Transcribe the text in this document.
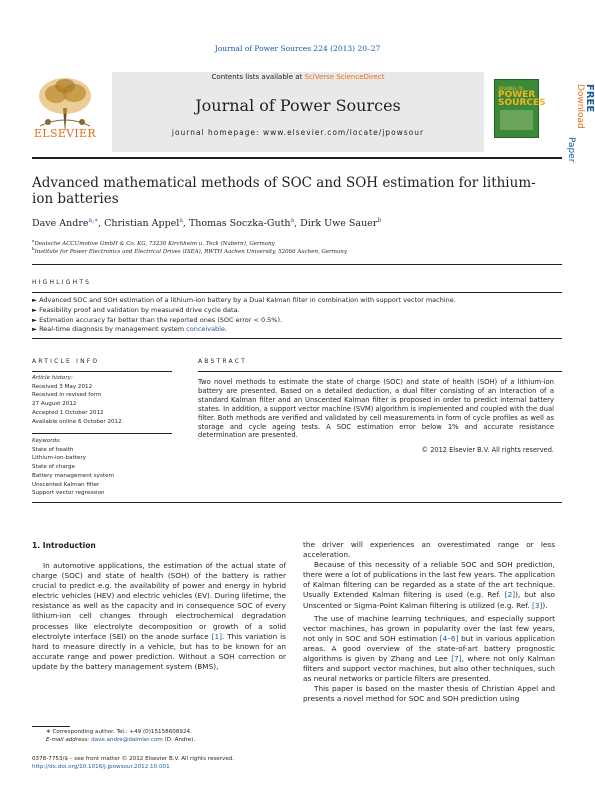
Journal of Power Sources 224 (2013) 20–27
Contents lists available at SciVerse ScienceDirect
Journal of Power Sources
journal homepage: www.elsevier.com/locate/jpowsour
ELSEVIER
JOURNAL OF
POWER
SOURCES	FREE
Download
Paper
Advanced mathematical methods of SOC and SOH estimation for lithium-ion batteries
Dave Andre$^{a,∗}$, Christian Appel$^a$, Thomas Soczka-Guth$^a$, Dirk Uwe Sauer$^b$
$^a$Deutsche ACCUmotive GmbH & Co. KG, 73230 Kirchheim u. Teck (Nabern), Germany
$^b$Institute for Power Electronics and Electrical Drives (ISEA), RWTH Aachen University, 52066 Aachen, Germany
HIGHLIGHTS
► Advanced SOC and SOH estimation of a lithium-ion battery by a Dual Kalman filter in combination with support vector machine.
► Feasibility proof and validation by measured drive cycle data.
► Estimation accuracy far better than the reported ones (SOC error < 0.5%).
► Real-time diagnosis by management system conceivable.
ARTICLE INFO
Article history:
Received 3 May 2012
Received in revised form
27 August 2012
Accepted 1 October 2012
Available online 6 October 2012
Keywords:
State of health
Lithium-ion-battery
State of charge
Battery management system
Unscented Kalman filter
Support vector regression
ABSTRACT
Two novel methods to estimate the state of charge (SOC) and state of health (SOH) of a lithium-ion battery are presented. Based on a detailed deduction, a dual filter consisting of an interaction of a standard Kalman filter and an Unscented Kalman filter is proposed in order to predict internal battery states. In addition, a support vector machine (SVM) algorithm is implemented and coupled with the dual filter. Both methods are verified and validated by cell measurements in form of cycle profiles as well as storage and cycle ageing tests. A SOC estimation error below 1% and accurate resistance determination are presented.
© 2012 Elsevier B.V. All rights reserved.
1. Introduction

In automotive applications, the estimation of the actual state of charge (SOC) and state of health (SOH) of the battery is rather crucial to predict e.g. the availability of power and energy in hybrid electric vehicles (HEV) and electric vehicles (EV). During lifetime, the resistance as well as the capacity and in consequence SOC of every lithium-ion cell changes through electrochemical degradation processes like electrolyte decomposition or growth of a solid electrolyte interface (SEI) on the anode surface [1]. This variation is hard to measure directly in a vehicle, but has to be known for an accurate range and power prediction. Without a SOH correction or update by the battery management system (BMS),

the driver will experiences an overestimated range or less acceleration.

Because of this necessity of a reliable SOC and SOH prediction, there were a lot of publications in the last few years. The application of Kalman filtering can be regarded as a state of the art technique. Usually Extended Kalman filtering is used (e.g. Ref. [2]), but also Unscented or Sigma-Point Kalman filtering is utilized (e.g. Ref. [3]).

The use of machine learning techniques, and especially support vector machines, has grown in popularity over the last few years, not only in SOC and SOH estimation [4–6] but in various application areas. A good overview of the state-of-art battery prognostic algorithms is given by Zhang and Lee [7], where not only Kalman filters and support vector machines, but also other techniques, such as neural networks or particle filters are presented.

This paper is based on the master thesis of Christian Appel and presents a novel method for SOC and SOH prediction using

∗ Corresponding author. Tel.: +49 (0)15158608924.
E-mail address: dave.andre@daimler.com (D. Andre).
0378-7753/$ – see front matter © 2012 Elsevier B.V. All rights reserved.
http://dx.doi.org/10.1016/j.jpowsour.2012.10.001
